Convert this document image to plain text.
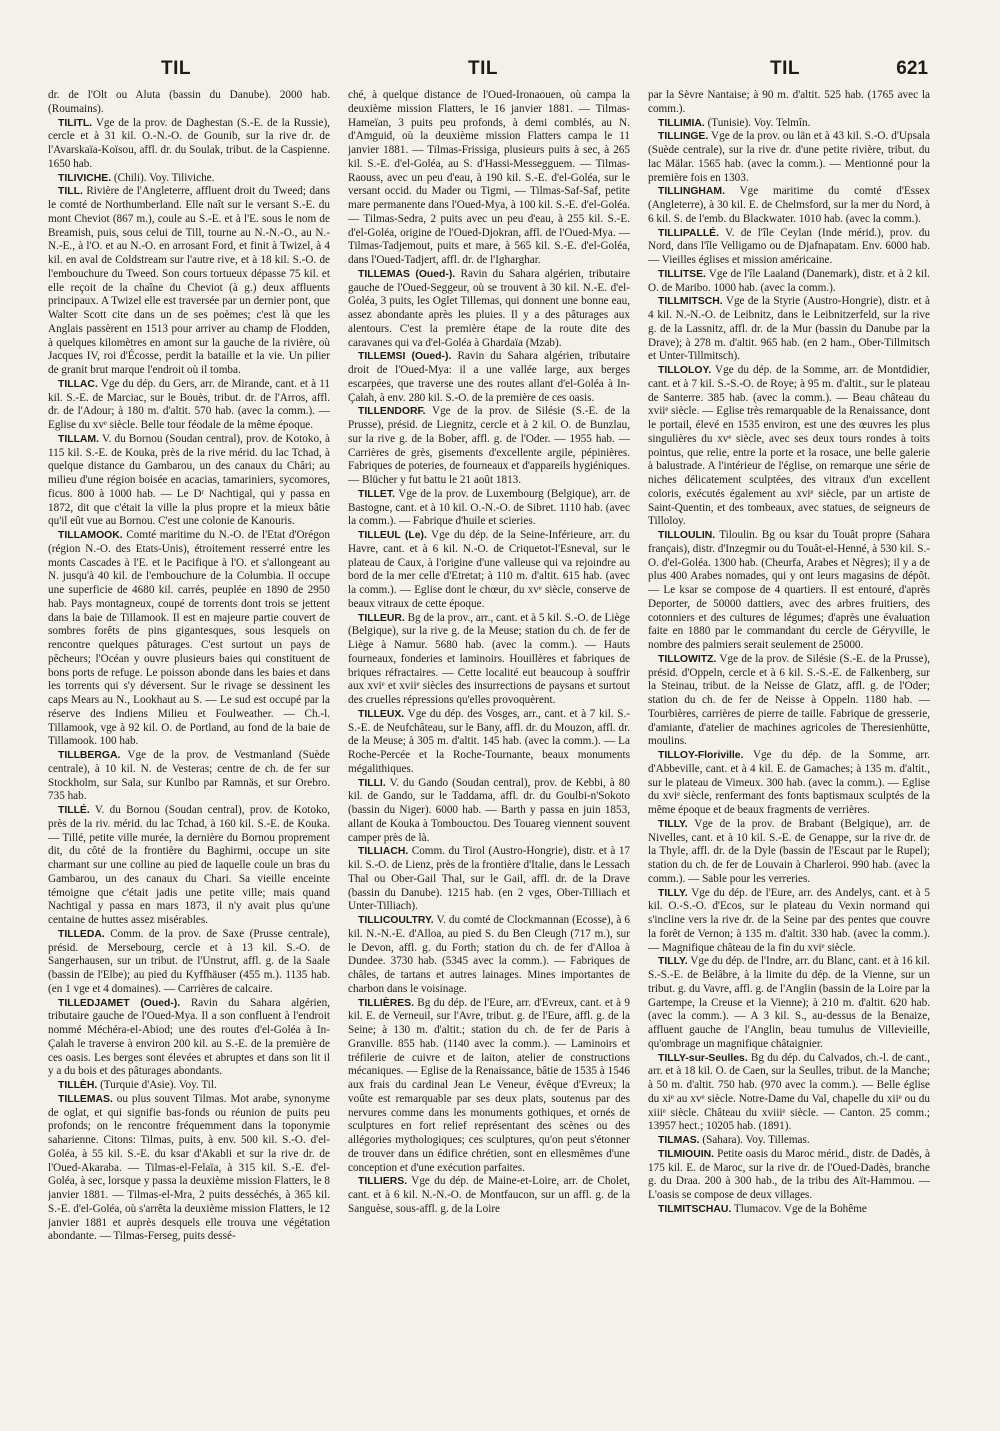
TIL	TIL	TIL	621

dr. de l'Olt ou Aluta (bassin du Danube). 2000 hab. (Roumains).

TILITL . Vge de la prov. de Daghestan (S.-E. de la Russie), cercle et à 31 kil. O.-N.-O. de Gounib, sur la rive dr. de l'Avarskaïa-Koïsou, affl. dr. du Soulak, tribut. de la Caspienne. 1650 hab.

TILIVICHE . (Chili). Voy. Tiliviche.

TILL . Rivière de l'Angleterre, affluent droit du Tweed; dans le comté de Northumberland. Elle naît sur le versant S.-E. du mont Cheviot (867 m.), coule au S.-E. et à l'E. sous le nom de Breamish, puis, sous celui de Till, tourne au N.-N.-O., au N.-N.-E., à l'O. et au N.-O. en arrosant Ford, et finit à Twizel, à 4 kil. en aval de Coldstream sur l'autre rive, et à 18 kil. S.-O. de l'embouchure du Tweed. Son cours tortueux dépasse 75 kil. et elle reçoit de la chaîne du Cheviot (à g.) deux affluents principaux. A Twizel elle est traversée par un dernier pont, que Walter Scott cite dans un de ses poèmes; c'est là que les Anglais passèrent en 1513 pour arriver au champ de Flodden, à quelques kilomètres en amont sur la gauche de la rivière, où Jacques IV, roi d'Écosse, perdit la bataille et la vie. Un pilier de granit brut marque l'endroit où il tomba.

TILLAC . Vge du dép. du Gers, arr. de Mirande, cant. et à 11 kil. S.-E. de Marciac, sur le Bouès, tribut. dr. de l'Arros, affl. dr. de l'Adour; à 180 m. d'altit. 570 hab. (avec la comm.). — Eglise du xvᵉ siècle. Belle tour féodale de la même époque.

TILLAM . V. du Bornou (Soudan central), prov. de Kotoko, à 115 kil. S.-E. de Kouka, près de la rive mérid. du lac Tchad, à quelque distance du Gambarou, un des canaux du Châri; au milieu d'une région boisée en acacias, tamariniers, sycomores, ficus. 800 à 1000 hab. — Le Dʳ Nachtigal, qui y passa en 1872, dit que c'était la ville la plus propre et la mieux bâtie qu'il eût vue au Bornou. C'est une colonie de Kanouris.

TILLAMOOK . Comté maritime du N.-O. de l'Etat d'Orégon (région N.-O. des Etats-Unis), étroitement resserré entre les monts Cascades à l'E. et le Pacifique à l'O. et s'allongeant au N. jusqu'à 40 kil. de l'embouchure de la Columbia. Il occupe une superficie de 4680 kil. carrés, peuplée en 1890 de 2950 hab. Pays montagneux, coupé de torrents dont trois se jettent dans la baie de Tillamook. Il est en majeure partie couvert de sombres forêts de pins gigantesques, sous lesquels on rencontre quelques pâturages. C'est surtout un pays de pêcheurs; l'Océan y ouvre plusieurs baies qui constituent de bons ports de refuge. Le poisson abonde dans les baies et dans les torrents qui s'y déversent. Sur le rivage se dessinent les caps Mears au N., Lookhaut au S. — Le sud est occupé par la réserve des Indiens Milieu et Foulweather. — Ch.-l. Tillamook, vge à 92 kil. O. de Portland, au fond de la baie de Tillamook. 100 hab.

TILLBERGA . Vge de la prov. de Vestmanland (Suède centrale), à 10 kil. N. de Vesteras; centre de ch. de fer sur Stockholm, sur Sala, sur Kunlbo par Ramnäs, et sur Orebro. 735 hab.

TILLÉ . V. du Bornou (Soudan central), prov. de Kotoko, près de la riv. mérid. du lac Tchad, à 160 kil. S.-E. de Kouka. — Tillé, petite ville murée, la dernière du Bornou proprement dit, du côté de la frontière du Baghirmi, occupe un site charmant sur une colline au pied de laquelle coule un bras du Gambarou, un des canaux du Chari. Sa vieille enceinte témoigne que c'était jadis une petite ville; mais quand Nachtigal y passa en mars 1873, il n'y avait plus qu'une centaine de huttes assez misérables.

TILLEDA . Comm. de la prov. de Saxe (Prusse centrale), présid. de Mersebourg, cercle et à 13 kil. S.-O. de Sangerhausen, sur un tribut. de l'Unstrut, affl. g. de la Saale (bassin de l'Elbe); au pied du Kyffhäuser (455 m.). 1135 hab. (en 1 vge et 4 domaines). — Carrières de calcaire.

TILLEDJAMET (Oued-) . Ravin du Sahara algérien, tributaire gauche de l'Oued-Mya. Il a son confluent à l'endroit nommé Méchéra-el-Abiod; une des routes d'el-Goléa à In-Çalah le traverse à environ 200 kil. au S.-E. de la première de ces oasis. Les berges sont élevées et abruptes et dans son lit il y a du bois et des pâturages abondants.

TILLÈH . (Turquie d'Asie). Voy. Til.

TILLEMAS . ou plus souvent Tilmas. Mot arabe, synonyme de oglat, et qui signifie bas-fonds ou réunion de puits peu profonds; on le rencontre fréquemment dans la toponymie saharienne. Citons: Tilmas, puits, à env. 500 kil. S.-O. d'el-Goléa, à 55 kil. S.-E. du ksar d'Akabli et sur la rive dr. de l'Oued-Akaraba. — Tilmas-el-Felaïa, à 315 kil. S.-E. d'el-Goléa, à sec, lorsque y passa la deuxième mission Flatters, le 8 janvier 1881. — Tilmas-el-Mra, 2 puits desséchés, à 365 kil. S.-E. d'el-Goléa, où s'arrêta la deuxième mission Flatters, le 12 janvier 1881 et auprès desquels elle trouva une végétation abondante. — Tilmas-Ferseg, puits dessé-

ché, à quelque distance de l'Oued-Ironaouen, où campa la deuxième mission Flatters, le 16 janvier 1881. — Tilmas-Hameïan, 3 puits peu profonds, à demi comblés, au N. d'Amguid, où la deuxième mission Flatters campa le 11 janvier 1881. — Tilmas-Frissiga, plusieurs puits à sec, à 265 kil. S.-E. d'el-Goléa, au S. d'Hassi-Messegguem. — Tilmas-Raouss, avec un peu d'eau, à 190 kil. S.-E. d'el-Goléa, sur le versant occid. du Mader ou Tigmi, — Tilmas-Saf-Saf, petite mare permanente dans l'Oued-Mya, à 100 kil. S.-E. d'el-Goléa. — Tilmas-Sedra, 2 puits avec un peu d'eau, à 255 kil. S.-E. d'el-Goléa, origine de l'Oued-Djokran, affl. de l'Oued-Mya. — Tilmas-Tadjemout, puits et mare, à 565 kil. S.-E. d'el-Goléa, dans l'Oued-Tadjert, affl. dr. de l'Igharghar.

TILLEMAS (Oued-) . Ravin du Sahara algérien, tributaire gauche de l'Oued-Seggeur, où se trouvent à 30 kil. N.-E. d'el-Goléa, 3 puits, les Oglet Tillemas, qui donnent une bonne eau, assez abondante après les pluies. Il y a des pâturages aux alentours. C'est la première étape de la route dite des caravanes qui va d'el-Goléa à Ghardaïa (Mzab).

TILLEMSI (Oued-) . Ravin du Sahara algérien, tributaire droit de l'Oued-Mya: il a une vallée large, aux berges escarpées, que traverse une des routes allant d'el-Goléa à In-Çalah, à env. 280 kil. S.-O. de la première de ces oasis.

TILLENDORF . Vge de la prov. de Silésie (S.-E. de la Prusse), présid. de Liegnitz, cercle et à 2 kil. O. de Bunzlau, sur la rive g. de la Bober, affl. g. de l'Oder. — 1955 hab. — Carrières de grès, gisements d'excellente argile, pépinières. Fabriques de poteries, de fourneaux et d'appareils hygiéniques. — Blücher y fut battu le 21 août 1813.

TILLET . Vge de la prov. de Luxembourg (Belgique), arr. de Bastogne, cant. et à 10 kil. O.-N.-O. de Sibret. 1110 hab. (avec la comm.). — Fabrique d'huile et scieries.

TILLEUL (Le) . Vge du dép. de la Seine-Inférieure, arr. du Havre, cant. et à 6 kil. N.-O. de Criquetot-l'Esneval, sur le plateau de Caux, à l'origine d'une valleuse qui va rejoindre au bord de la mer celle d'Etretat; à 110 m. d'altit. 615 hab. (avec la comm.). — Eglise dont le chœur, du xvᵉ siècle, conserve de beaux vitraux de cette époque.

TILLEUR . Bg de la prov., arr., cant. et à 5 kil. S.-O. de Liège (Belgique), sur la rive g. de la Meuse; station du ch. de fer de Liège à Namur. 5680 hab. (avec la comm.). — Hauts fourneaux, fonderies et laminoirs. Houillères et fabriques de briques réfractaires. — Cette localité eut beaucoup à souffrir aux xviᵉ et xviiᵉ siècles des insurrections de paysans et surtout des cruelles répressions qu'elles provoquèrent.

TILLEUX . Vge du dép. des Vosges, arr., cant. et à 7 kil. S.-S.-E. de Neufchâteau, sur le Bany, affl. dr. du Mouzon, affl. dr. de la Meuse; à 305 m. d'altit. 145 hab. (avec la comm.). — La Roche-Percée et la Roche-Tournante, beaux monuments mégalithiques.

TILLI . V. du Gando (Soudan central), prov. de Kebbi, à 80 kil. de Gando, sur le Taddama, affl. dr. du Goulbi-n'Sokoto (bassin du Niger). 6000 hab. — Barth y passa en juin 1853, allant de Kouka à Tombouctou. Des Touareg viennent souvent camper près de là.

TILLIACH . Comm. du Tirol (Austro-Hongrie), distr. et à 17 kil. S.-O. de Lienz, près de la frontière d'Italie, dans le Lessach Thal ou Ober-Gail Thal, sur le Gail, affl. dr. de la Drave (bassin du Danube). 1215 hab. (en 2 vges, Ober-Tilliach et Unter-Tilliach).

TILLICOULTRY . V. du comté de Clockmannan (Ecosse), à 6 kil. N.-N.-E. d'Alloa, au pied S. du Ben Cleugh (717 m.), sur le Devon, affl. g. du Forth; station du ch. de fer d'Alloa à Dundee. 3730 hab. (5345 avec la comm.). — Fabriques de châles, de tartans et autres lainages. Mines importantes de charbon dans le voisinage.

TILLIÈRES . Bg du dép. de l'Eure, arr. d'Evreux, cant. et à 9 kil. E. de Verneuil, sur l'Avre, tribut. g. de l'Eure, affl. g. de la Seine; à 130 m. d'altit.; station du ch. de fer de Paris à Granville. 855 hab. (1140 avec la comm.). — Laminoirs et tréfilerie de cuivre et de laiton, atelier de constructions mécaniques. — Eglise de la Renaissance, bâtie de 1535 à 1546 aux frais du cardinal Jean Le Veneur, évêque d'Evreux; la voûte est remarquable par ses deux plats, soutenus par des nervures comme dans les monuments gothiques, et ornés de sculptures en fort relief représentant des scènes ou des allégories mythologiques; ces sculptures, qu'on peut s'étonner de trouver dans un édifice chrétien, sont en ellesmêmes d'une conception et d'une exécution parfaites.

TILLIERS . Vge du dép. de Maine-et-Loire, arr. de Cholet, cant. et à 6 kil. N.-N.-O. de Montfaucon, sur un affl. g. de la Sanguèse, sous-affl. g. de la Loire

par la Sèvre Nantaise; à 90 m. d'altit. 525 hab. (1765 avec la comm.).

TILLIMIA . (Tunisie). Voy. Telmîn.

TILLINGE . Vge de la prov. ou län et à 43 kil. S.-O. d'Upsala (Suède centrale), sur la rive dr. d'une petite rivière, tribut. du lac Mälar. 1565 hab. (avec la comm.). — Mentionné pour la première fois en 1303.

TILLINGHAM . Vge maritime du comté d'Essex (Angleterre), à 30 kil. E. de Chelmsford, sur la mer du Nord, à 6 kil. S. de l'emb. du Blackwater. 1010 hab. (avec la comm.).

TILLIPALLÉ . V. de l'île Ceylan (Inde mérid.), prov. du Nord, dans l'île Velligamo ou de Djafnapatam. Env. 6000 hab. — Vieilles églises et mission américaine.

TILLITSE . Vge de l'île Laaland (Danemark), distr. et à 2 kil. O. de Maribo. 1000 hab. (avec la comm.).

TILLMITSCH . Vge de la Styrie (Austro-Hongrie), distr. et à 4 kil. N.-N.-O. de Leibnitz, dans le Leibnitzerfeld, sur la rive g. de la Lassnitz, affl. dr. de la Mur (bassin du Danube par la Drave); à 278 m. d'altit. 965 hab. (en 2 ham., Ober-Tillmitsch et Unter-Tillmitsch).

TILLOLOY . Vge du dép. de la Somme, arr. de Montdidier, cant. et à 7 kil. S.-S.-O. de Roye; à 95 m. d'altit., sur le plateau de Santerre. 385 hab. (avec la comm.). — Beau château du xviiᵉ siècle. — Eglise très remarquable de la Renaissance, dont le portail, élevé en 1535 environ, est une des œuvres les plus singulières du xvᵉ siècle, avec ses deux tours rondes à toits pointus, que relie, entre la porte et la rosace, une belle galerie à balustrade. A l'intérieur de l'église, on remarque une série de niches délicatement sculptées, des vitraux d'un excellent coloris, exécutés également au xviᵉ siècle, par un artiste de Saint-Quentin, et des tombeaux, avec statues, de seigneurs de Tilloloy.

TILLOULIN . Tiloulin. Bg ou ksar du Touât propre (Sahara français), distr. d'Inzegmir ou du Touât-el-Henné, à 530 kil. S.-O. d'el-Goléa. 1300 hab. (Cheurfa, Arabes et Nègres); il y a de plus 400 Arabes nomades, qui y ont leurs magasins de dépôt. — Le ksar se compose de 4 quartiers. Il est entouré, d'après Deporter, de 50000 dattiers, avec des arbres fruitiers, des cotonniers et des cultures de légumes; d'après une évaluation faite en 1880 par le commandant du cercle de Géryville, le nombre des palmiers serait seulement de 25000.

TILLOWITZ . Vge de la prov. de Silésie (S.-E. de la Prusse), présid. d'Oppeln, cercle et à 6 kil. S.-S.-E. de Falkenberg, sur la Steinau, tribut. de la Neisse de Glatz, affl. g. de l'Oder; station du ch. de fer de Neisse à Oppeln. 1180 hab. — Tourbières, carrières de pierre de taille. Fabrique de gresserie, d'amiante, d'atelier de machines agricoles de Theresienhütte, moulins.

TILLOY-Floriville . Vge du dép. de la Somme, arr. d'Abbeville, cant. et à 4 kil. E. de Gamaches; à 135 m. d'altit., sur le plateau de Vimeux. 300 hab. (avec la comm.). — Eglise du xviᵉ siècle, renfermant des fonts baptismaux sculptés de la même époque et de beaux fragments de verrières.

TILLY . Vge de la prov. de Brabant (Belgique), arr. de Nivelles, cant. et à 10 kil. S.-E. de Genappe, sur la rive dr. de la Thyle, affl. dr. de la Dyle (bassin de l'Escaut par le Rupel); station du ch. de fer de Louvain à Charleroi. 990 hab. (avec la comm.). — Sable pour les verreries.

TILLY . Vge du dép. de l'Eure, arr. des Andelys, cant. et à 5 kil. O.-S.-O. d'Ecos, sur le plateau du Vexin normand qui s'incline vers la rive dr. de la Seine par des pentes que couvre la forêt de Vernon; à 135 m. d'altit. 330 hab. (avec la comm.). — Magnifique château de la fin du xviᵉ siècle.

TILLY . Vge du dép. de l'Indre, arr. du Blanc, cant. et à 16 kil. S.-S.-E. de Belâbre, à la limite du dép. de la Vienne, sur un tribut. g. du Vavre, affl. g. de l'Anglin (bassin de la Loire par la Gartempe, la Creuse et la Vienne); à 210 m. d'altit. 620 hab. (avec la comm.). — A 3 kil. S., au-dessus de la Benaize, affluent gauche de l'Anglin, beau tumulus de Villevieille, qu'ombrage un magnifique châtaignier.

TILLY-sur-Seulles . Bg du dép. du Calvados, ch.-l. de cant., arr. et à 18 kil. O. de Caen, sur la Seulles, tribut. de la Manche; à 50 m. d'altit. 750 hab. (970 avec la comm.). — Belle église du xiᵉ au xvᵉ siècle. Notre-Dame du Val, chapelle du xiiᵉ ou du xiiiᵉ siècle. Château du xviiiᵉ siècle. — Canton. 25 comm.; 13957 hect.; 10205 hab. (1891).

TILMAS . (Sahara). Voy. Tillemas.

TILMIOUIN . Petite oasis du Maroc mérid., distr. de Dadès, à 175 kil. E. de Maroc, sur la rive dr. de l'Oued-Dadès, branche g. du Draa. 200 à 300 hab., de la tribu des Aït-Hammou. — L'oasis se compose de deux villages.

TILMITSCHAU . Tlumacov. Vge de la Bohême
